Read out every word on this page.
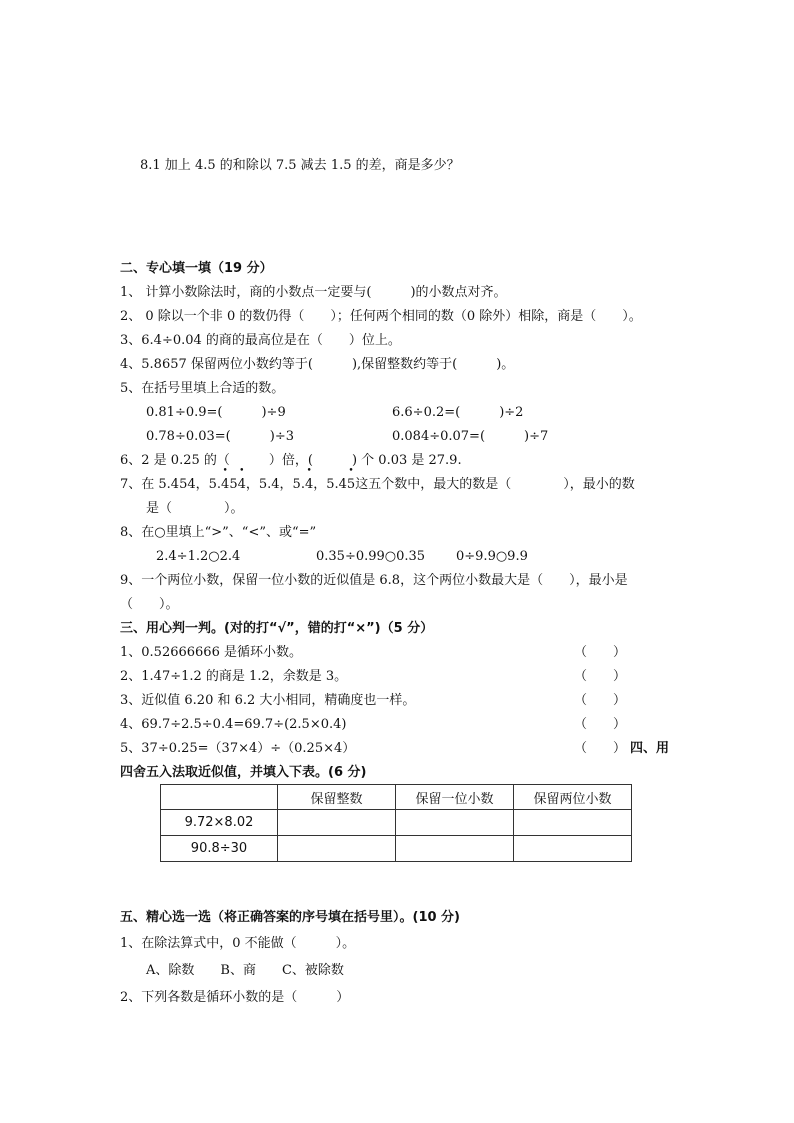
8.1 加上 4.5 的和除以 7.5 减去 1.5 的差，商是多少？
二、专心填一填（19 分）
1、 计算小数除法时，商的小数点一定要与(　　　)的小数点对齐。
2、 0 除以一个非 0 的数仍得（　　）；任何两个相同的数（0 除外）相除，商是（　　）。
3、6.4÷0.04 的商的最高位是在（　　）位上。
4、5.8657 保留两位小数约等于(　　　),保留整数约等于(　　　)。
5、在括号里填上合适的数。
0.81÷0.9=(　　　)÷9	6.6÷0.2=(　　　)÷2
0.78÷0.03=(　　　)÷3	0.084÷0.07=(　　　)÷7
6、2 是 0.25 的（　　　）倍，(　　　) 个 0.03 是 27.9.
7、在 5.454，5.• 45• 4，5.4，5.• 4，5.4• 5这五个数中，最大的数是（　　　　），最小的数
是（　　　　）。
8、在○里填上“>”、“<”、或“=”
2.4÷1.2○2.4	0.35÷0.99○0.35 0÷9.9○9.9
9、一个两位小数，保留一位小数的近似值是 6.8，这个两位小数最大是（　　），最小是
（　　）。
三、用心判一判。(对的打“√”，错的打“×”)（5 分）
1、0.52666666 是循环小数。	（　　）
2、1.47÷1.2 的商是 1.2，余数是 3。	（　　）
3、近似值 6.20 和 6.2 大小相同，精确度也一样。	（　　）
4、69.7÷2.5÷0.4=69.7÷(2.5×0.4)	（　　）
5、37÷0.25=（37×4）÷（0.25×4）	（　　） 四、用
四舍五入法取近似值，并填入下表。(6 分)
	保留整数	保留一位小数	保留两位小数
9.72×8.02			
90.8÷30			
五、精心选一选（将正确答案的序号填在括号里）。(10 分)
1、在除法算式中，0 不能做（　　　）。
A、除数　　B、商　　C、被除数
2、下列各数是循环小数的是（　　　）
